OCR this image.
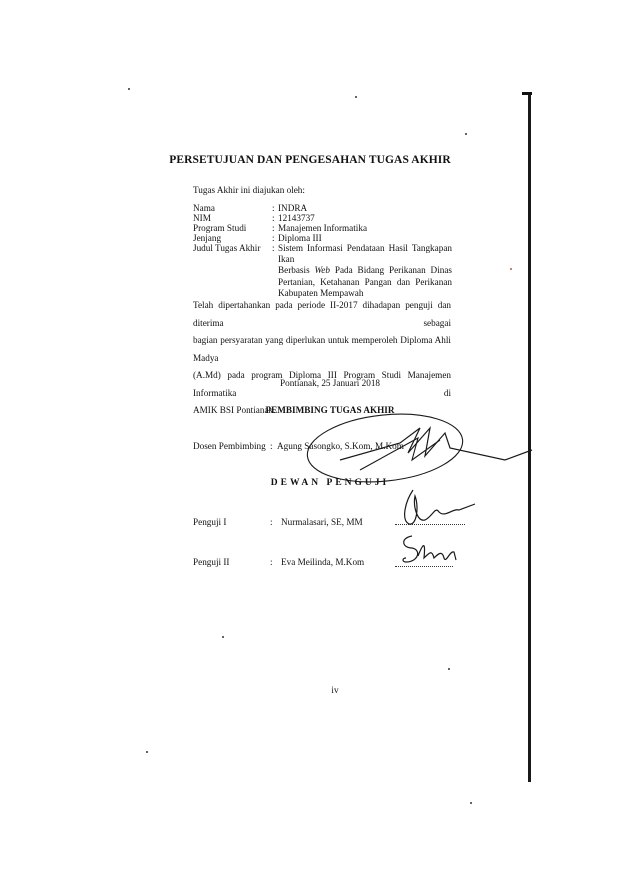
PERSETUJUAN DAN PENGESAHAN TUGAS AKHIR
Tugas Akhir ini diajukan oleh:
Nama	: INDRA
NIM	: 12143737
Program Studi	: Manajemen Informatika
Jenjang	: Diploma III
Judul Tugas Akhir : Sistem Informasi Pendataan Hasil Tangkapan Ikan
Berbasis Web Pada Bidang Perikanan Dinas
Pertanian, Ketahanan Pangan dan Perikanan
Kabupaten Mempawah
Telah dipertahankan pada periode II-2017 dihadapan penguji dan diterima sebagai
bagian persyaratan yang diperlukan untuk memperoleh Diploma Ahli Madya
(A.Md) pada program Diploma III Program Studi Manajemen Informatika di
AMIK BSI Pontianak.
Pontianak, 25 Januari 2018
PEMBIMBING TUGAS AKHIR
Dosen Pembimbing : Agung Sasongko, S.Kom, M.Kom
DEWAN PENGUJI
Penguji I	: Nurmalasari, SE, MM
Penguji II	: Eva Meilinda, M.Kom
iv
